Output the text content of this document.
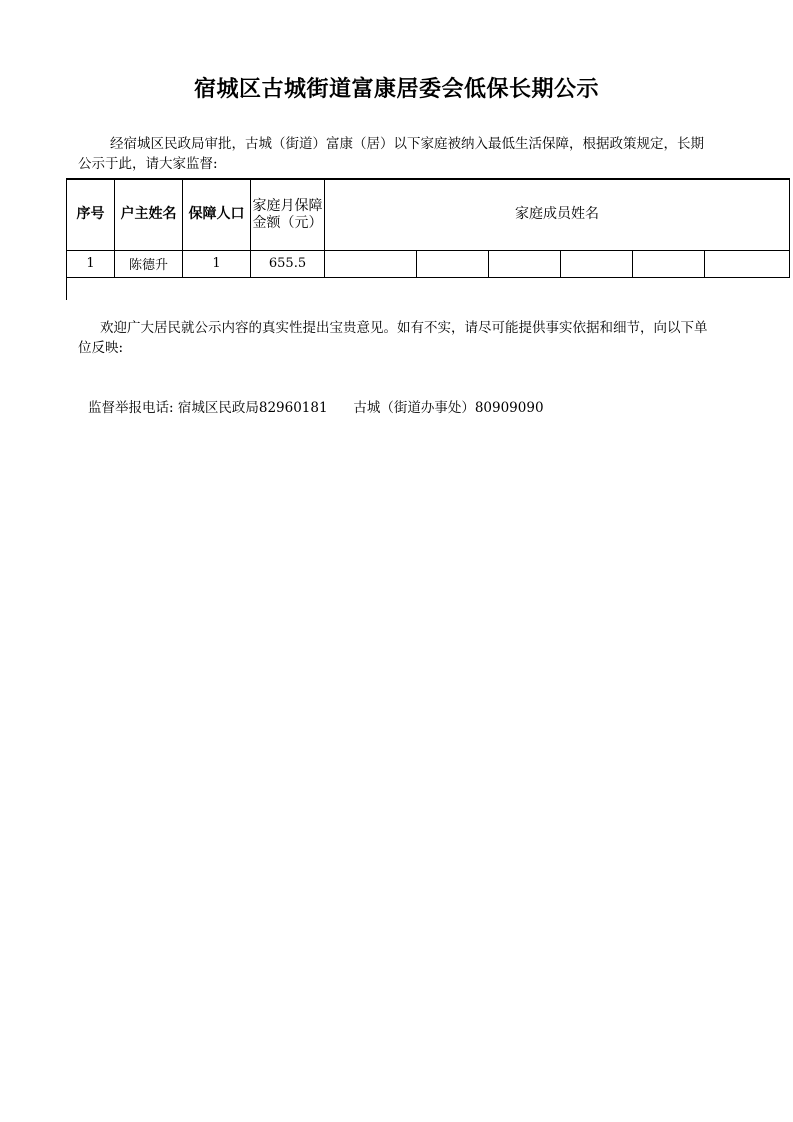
宿城区古城街道富康居委会低保长期公示
经宿城区民政局审批，古城（街道）富康（居）以下家庭被纳入最低生活保障，根据政策规定，长期公示于此，请大家监督:
序号	户主姓名	保障人口	家庭月保障　金额（元）	家庭成员姓名					
1	陈德升	1	655.5						
欢迎广大居民就公示内容的真实性提出宝贵意见。如有不实，请尽可能提供事实依据和细节，向以下单位反映:
监督举报电话: 宿城区民政局82960181 古城（街道办事处）80909090
